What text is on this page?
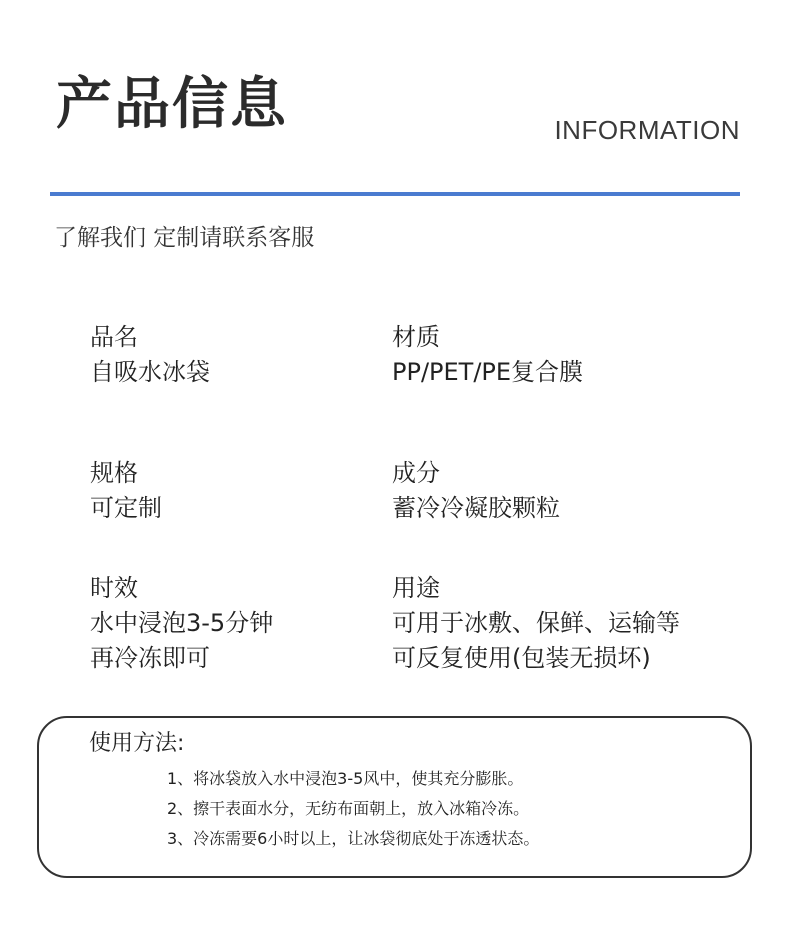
产品信息	INFORMATION
了解我们 定制请联系客服
品名
自吸水冰袋
材质
PP/PET/PE复合膜
规格
可定制
成分
蓄冷冷凝胶颗粒
时效
水中浸泡3-5分钟
再冷冻即可
用途
可用于冰敷、保鲜、运输等
可反复使用(包装无损坏)
使用方法:
1、将冰袋放入水中浸泡3-5风中，使其充分膨胀。
2、擦干表面水分，无纺布面朝上，放入冰箱冷冻。
3、冷冻需要6小时以上，让冰袋彻底处于冻透状态。
